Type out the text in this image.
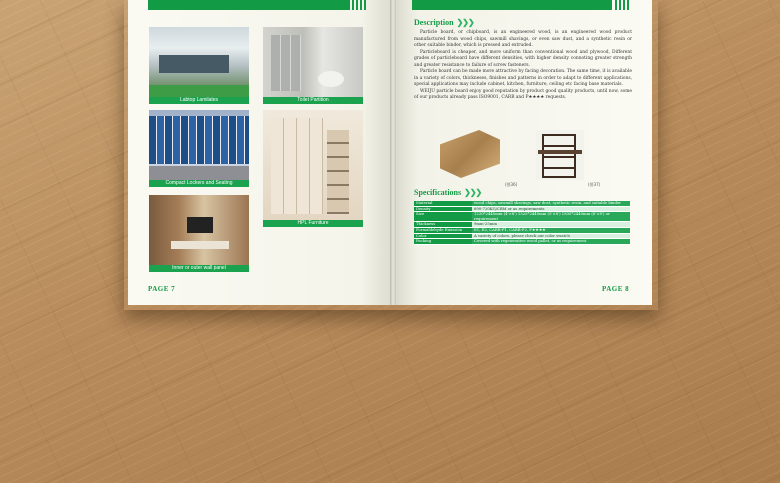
Labtop Lamilates	Toilet Partition
Compact Lockers and Seating
HPL Furniture
Inner or outer wall panel
PAGE 7
Description ❯❯❯

Particle board, or chipboard, is an engineered wood, is an engineered wood product manufactured from wood chips, sawmill shavings, or even saw dust, and a synthetic resin or other suitable binder, which is pressed and extruded.

Particleboard is cheaper, and more uniform than conventional wood and plywood, Different grades of particleboard have different densities, with higher density connoting greater strength and greater resistance to failure of screw fasteners.

Particle board can be made more attractive by facing decoration. The same time, it is available in a variety of colors, thickneses, finishes and patterns in order to adapt to different applications, special applications may include cabinet, kitchen, furniture, ceiling etc facing base materials.

WEIJU particle board enjoy good reputation by product good quality products, until now, some of our products already pass ISO9001, CARB and P★★★★ requests.

(图36)	(图37)
Specifications ❯❯❯
Material	wood chips, sawmill shavings, saw dust, synthetic resin, and suitable binder
Density	690-720KG/CBM or as requirements
Size	1220*2440mm (4'×8') 1525*2440mm (5'×8') 1830*2440mm (6'×8') or requirement
Thickness	9mm-25mm
Formaldehyde Emission	E1, E2, CARB-P1, CARB-P2, F★★★★
Color	A variety of colors, please check our color swatch
Packing	Covered with regenerative wood pallet, or as requirement
PAGE 8
